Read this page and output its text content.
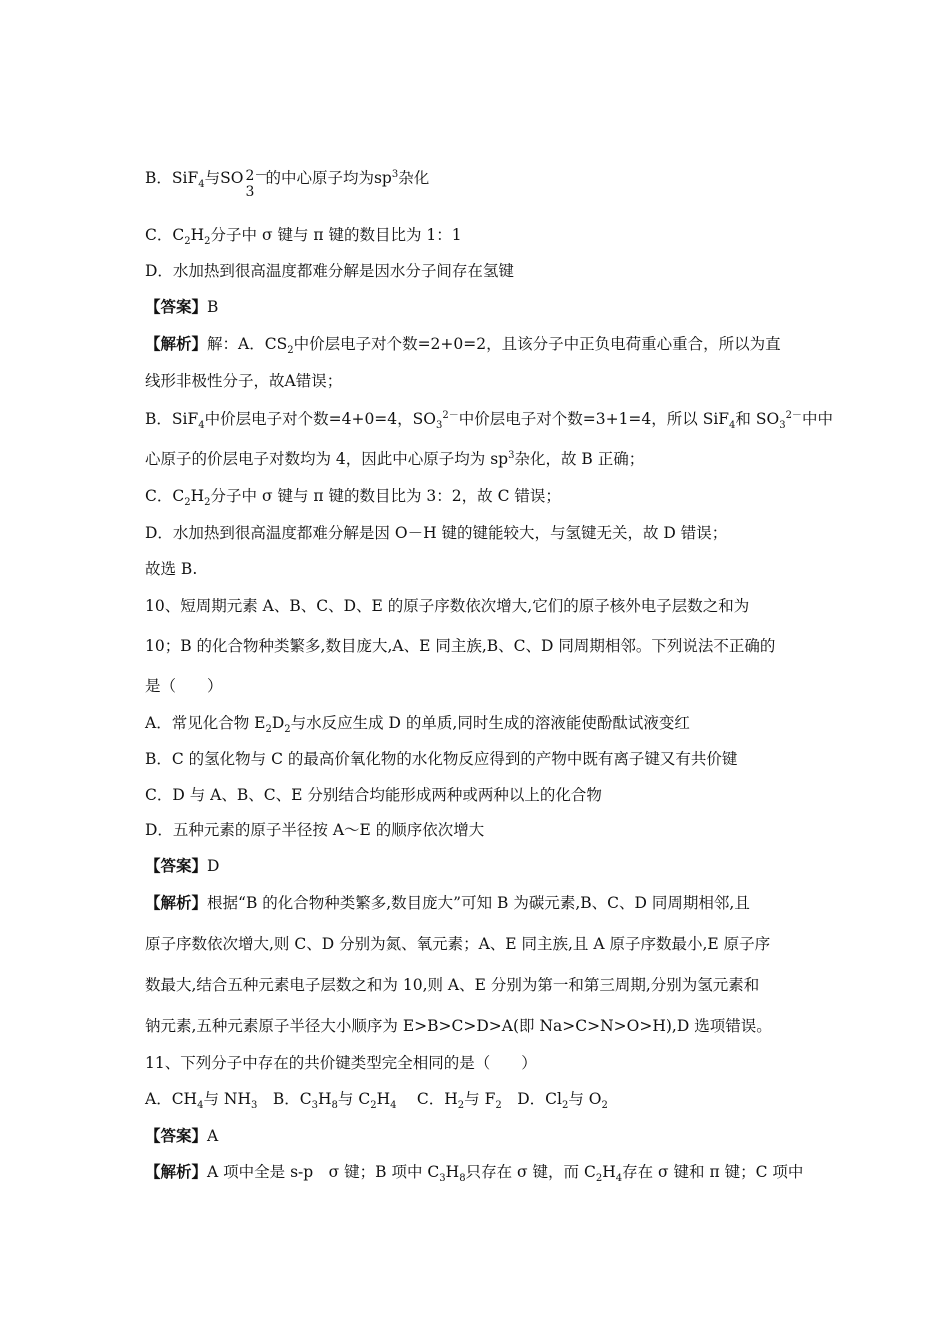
B．SiF$_4$与SO 2－
3
的中心原子均为$sp^3$杂化
C．$C_2H_2$分子中 σ 键与 π 键的数目比为 1：1
D．水加热到很高温度都难分解是因水分子间存在氢键
【答案】B
【解析】解：A．$CS_2$中价层电子对个数=2+0=2，且该分子中正负电荷重心重合，所以为直
线形非极性分子，故A错误；
B．SiF$_4$中价层电子对个数=4+0=4，$SO_3^{2-}$中价层电子对个数=3+1=4，所以 SiF$_4$和 $SO_3^{2-}$中中
心原子的价层电子对数均为 4，因此中心原子均为 $sp^3$杂化，故 B 正确；
C．$C_2H_2$分子中 σ 键与 π 键的数目比为 3：2，故 C 错误；
D．水加热到很高温度都难分解是因 O－H 键的键能较大，与氢键无关，故 D 错误；
故选 B.
10、短周期元素 A、B、C、D、E 的原子序数依次增大,它们的原子核外电子层数之和为
10；B 的化合物种类繁多,数目庞大,A、E 同主族,B、C、D 同周期相邻。下列说法不正确的
是（　　）
A．常见化合物 $E_2D_2$与水反应生成 D 的单质,同时生成的溶液能使酚酞试液变红
B．C 的氢化物与 C 的最高价氧化物的水化物反应得到的产物中既有离子键又有共价键
C．D 与 A、B、C、E 分别结合均能形成两种或两种以上的化合物
D．五种元素的原子半径按 A～E 的顺序依次增大
【答案】D
【解析】根据“B 的化合物种类繁多,数目庞大”可知 B 为碳元素,B、C、D 同周期相邻,且
原子序数依次增大,则 C、D 分别为氮、氧元素；A、E 同主族,且 A 原子序数最小,E 原子序
数最大,结合五种元素电子层数之和为 10,则 A、E 分别为第一和第三周期,分别为氢元素和
钠元素,五种元素原子半径大小顺序为 E>B>C>D>A(即 Na>C>N>O>H),D 选项错误。
11、下列分子中存在的共价键类型完全相同的是（　　）
A．$CH_4$与 $NH_3$　B．$C_3H_8$与 $C_2H_4$　 C．$H_2$与 $F_2$　D．$Cl_2$与 $O_2$
【答案】A
【解析】A 项中全是 s-p　σ 键；B 项中 $C_3H_8$只存在 σ 键，而 $C_2H_4$存在 σ 键和 π 键；C 项中
